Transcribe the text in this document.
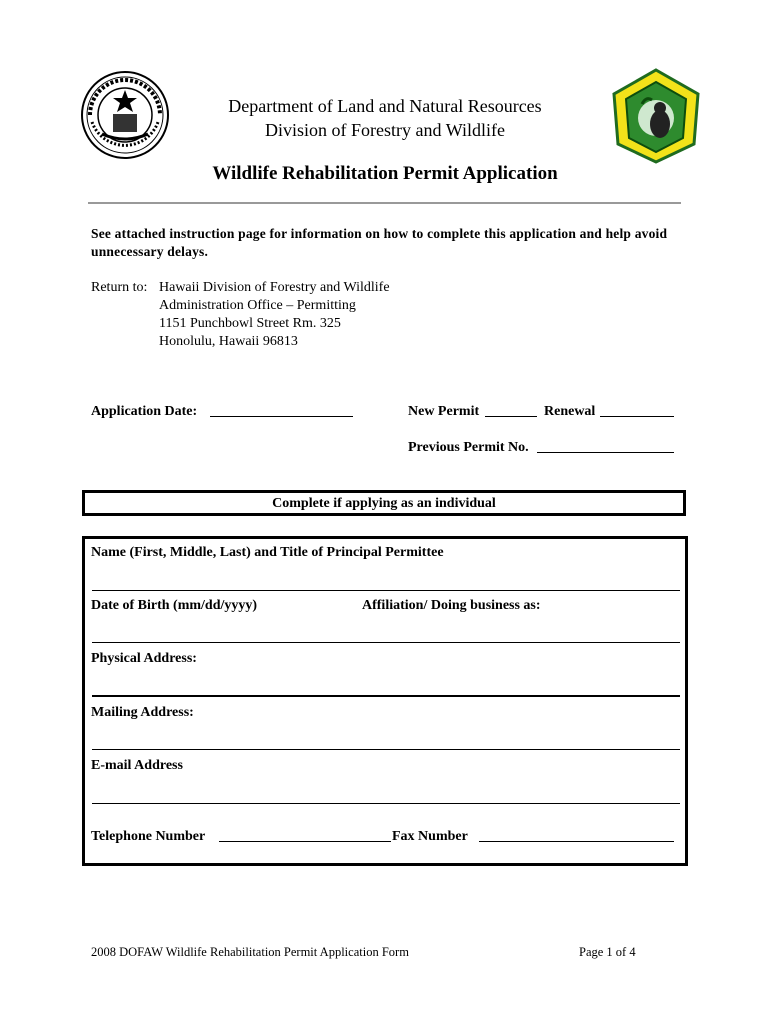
Department of Land and Natural Resources
Division of Forestry and Wildlife
Wildlife Rehabilitation Permit Application
See attached instruction page for information on how to complete this application and help avoid unnecessary delays.
Return to: Hawaii Division of Forestry and Wildlife
Administration Office – Permitting
1151 Punchbowl Street Rm. 325
Honolulu, Hawaii 96813
Application Date:	New Permit	Renewal
Previous Permit No.
Complete if applying as an individual
Name (First, Middle, Last) and Title of Principal Permittee
Date of Birth (mm/dd/yyyy)	Affiliation/ Doing business as:
Physical Address:
Mailing Address:
E-mail Address
Telephone Number	Fax Number
2008 DOFAW Wildlife Rehabilitation Permit Application Form	Page 1 of 4
